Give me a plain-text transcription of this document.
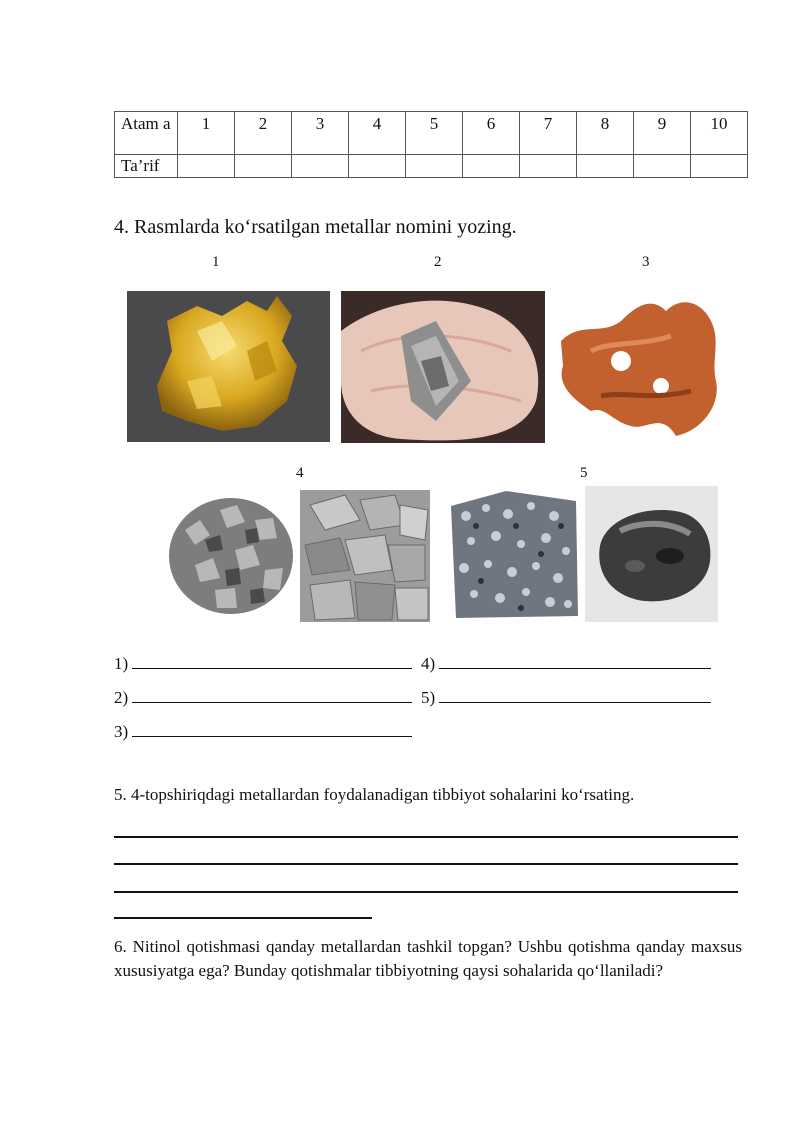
Atam a	1	2	3	4	5	6	7	8	9	10
Ta’rif										
4. Rasmlarda ko‘rsatilgan metallar nomini yozing.
1	2	3
4	5
1)	4)
2)	5)
3)
5. 4-topshiriqdagi metallardan foydalanadigan tibbiyot sohalarini ko‘rsating.
6. Nitinol qotishmasi qanday metallardan tashkil topgan? Ushbu qotishma qanday maxsus xususiyatga ega? Bunday qotishmalar tibbiyotning qaysi sohalarida qo‘llaniladi?
